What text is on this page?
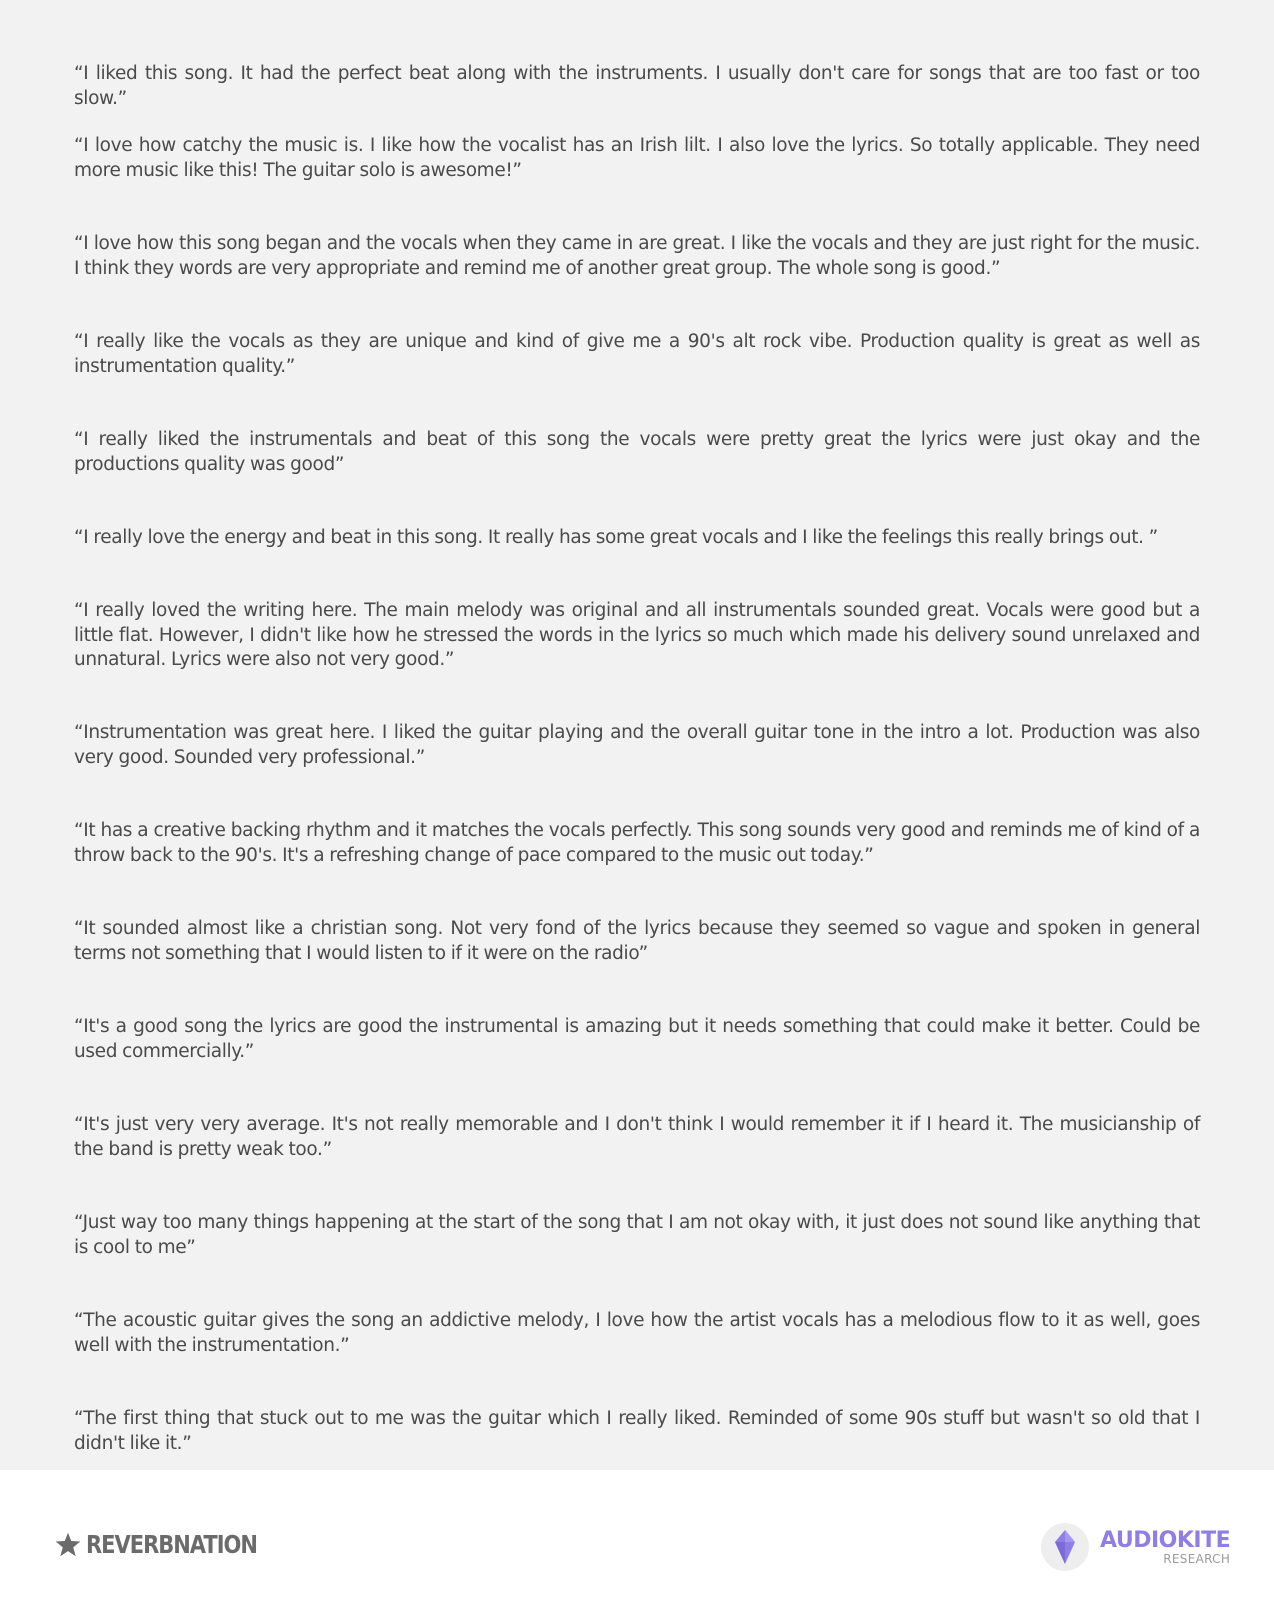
“I liked this song. It had the perfect beat along with the instruments. I usually don't care for songs that are too fast or too slow.”

“I love how catchy the music is. I like how the vocalist has an Irish lilt. I also love the lyrics. So totally applicable. They need more music like this! The guitar solo is awesome!”

“I love how this song began and the vocals when they came in are great. I like the vocals and they are just right for the music. I think they words are very appropriate and remind me of another great group. The whole song is good.”

“I really like the vocals as they are unique and kind of give me a 90's alt rock vibe. Production quality is great as well as instrumentation quality.”

“I really liked the instrumentals and beat of this song the vocals were pretty great the lyrics were just okay and the productions quality was good”

“I really love the energy and beat in this song. It really has some great vocals and I like the feelings this really brings out. ”

“I really loved the writing here. The main melody was original and all instrumentals sounded great. Vocals were good but a little flat. However, I didn't like how he stressed the words in the lyrics so much which made his delivery sound unrelaxed and unnatural. Lyrics were also not very good.”

“Instrumentation was great here. I liked the guitar playing and the overall guitar tone in the intro a lot. Production was also very good. Sounded very professional.”

“It has a creative backing rhythm and it matches the vocals perfectly. This song sounds very good and reminds me of kind of a throw back to the 90's. It's a refreshing change of pace compared to the music out today.”

“It sounded almost like a christian song. Not very fond of the lyrics because they seemed so vague and spoken in general terms not something that I would listen to if it were on the radio”

“It's a good song the lyrics are good the instrumental is amazing but it needs something that could make it better. Could be used commercially.”

“It's just very very average. It's not really memorable and I don't think I would remember it if I heard it. The musicianship of the band is pretty weak too.”

“Just way too many things happening at the start of the song that I am not okay with, it just does not sound like anything that is cool to me”

“The acoustic guitar gives the song an addictive melody, I love how the artist vocals has a melodious flow to it as well, goes well with the instrumentation.”

“The first thing that stuck out to me was the guitar which I really liked. Reminded of some 90s stuff but wasn't so old that I didn't like it.”

REVERBNATION	AUDIOKITE
RESEARCH
